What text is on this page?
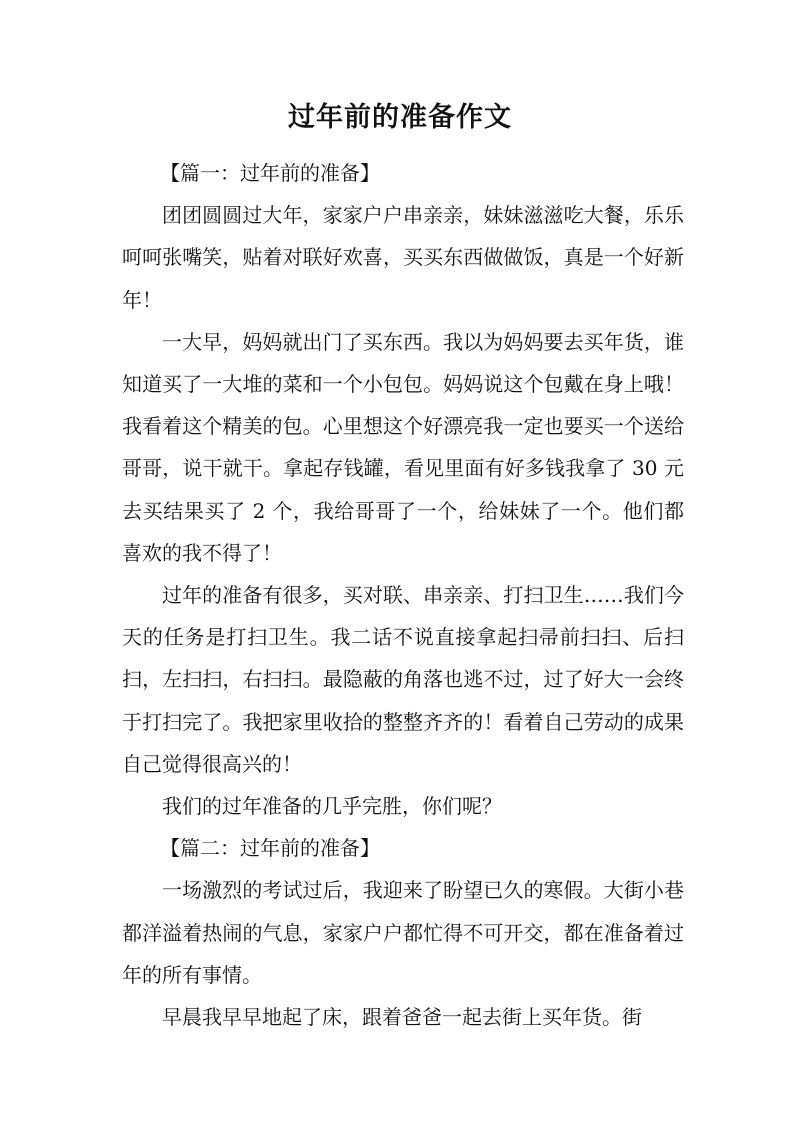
过年前的准备作文

【篇一：过年前的准备】

团团圆圆过大年，家家户户串亲亲，妹妹滋滋吃大餐，乐乐呵呵张嘴笑，贴着对联好欢喜，买买东西做做饭，真是一个好新年！

一大早，妈妈就出门了买东西。我以为妈妈要去买年货，谁知道买了一大堆的菜和一个小包包。妈妈说这个包戴在身上哦！我看着这个精美的包。心里想这个好漂亮我一定也要买一个送给哥哥，说干就干。拿起存钱罐，看见里面有好多钱我拿了 30 元去买结果买了 2 个，我给哥哥了一个，给妹妹了一个。他们都喜欢的我不得了！

过年的准备有很多，买对联、串亲亲、打扫卫生……我们今天的任务是打扫卫生。我二话不说直接拿起扫帚前扫扫、后扫扫，左扫扫，右扫扫。最隐蔽的角落也逃不过，过了好大一会终于打扫完了。我把家里收拾的整整齐齐的！看着自己劳动的成果自己觉得很高兴的！

我们的过年准备的几乎完胜，你们呢？

【篇二：过年前的准备】

一场激烈的考试过后，我迎来了盼望已久的寒假。大街小巷都洋溢着热闹的气息，家家户户都忙得不可开交，都在准备着过年的所有事情。

早晨我早早地起了床，跟着爸爸一起去街上买年货。街
